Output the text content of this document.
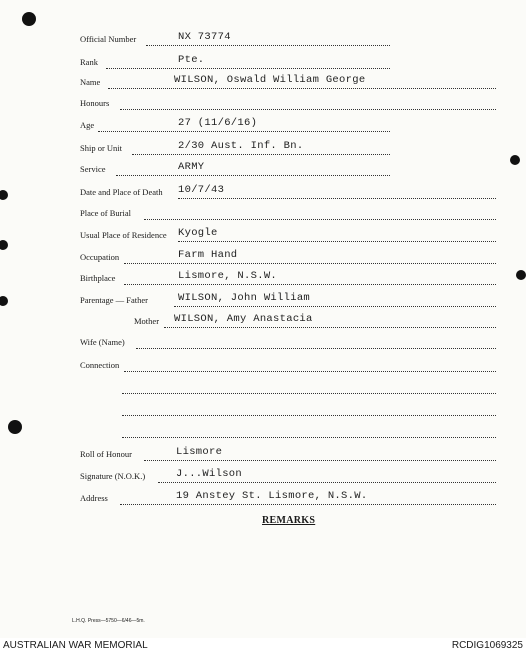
Official Number	NX 73774
Rank	Pte.
Name	WILSON, Oswald William George
Honours
Age	27 (11/6/16)
Ship or Unit	2/30 Aust. Inf. Bn.
Service	ARMY
Date and Place of Death 10/7/43
Place of Burial
Usual Place of Residence Kyogle
Occupation	Farm Hand
Birthplace	Lismore, N.S.W.
Parentage — Father	WILSON, John William
Mother WILSON, Amy Anastacia
Wife (Name)
Connection
Roll of Honour	Lismore
Signature (N.O.K.)	J...Wilson
Address	19 Anstey St. Lismore, N.S.W.
REMARKS
L.H.Q. Press—5750—6/46—5m.
AUSTRALIAN WAR MEMORIAL	RCDIG1069325
